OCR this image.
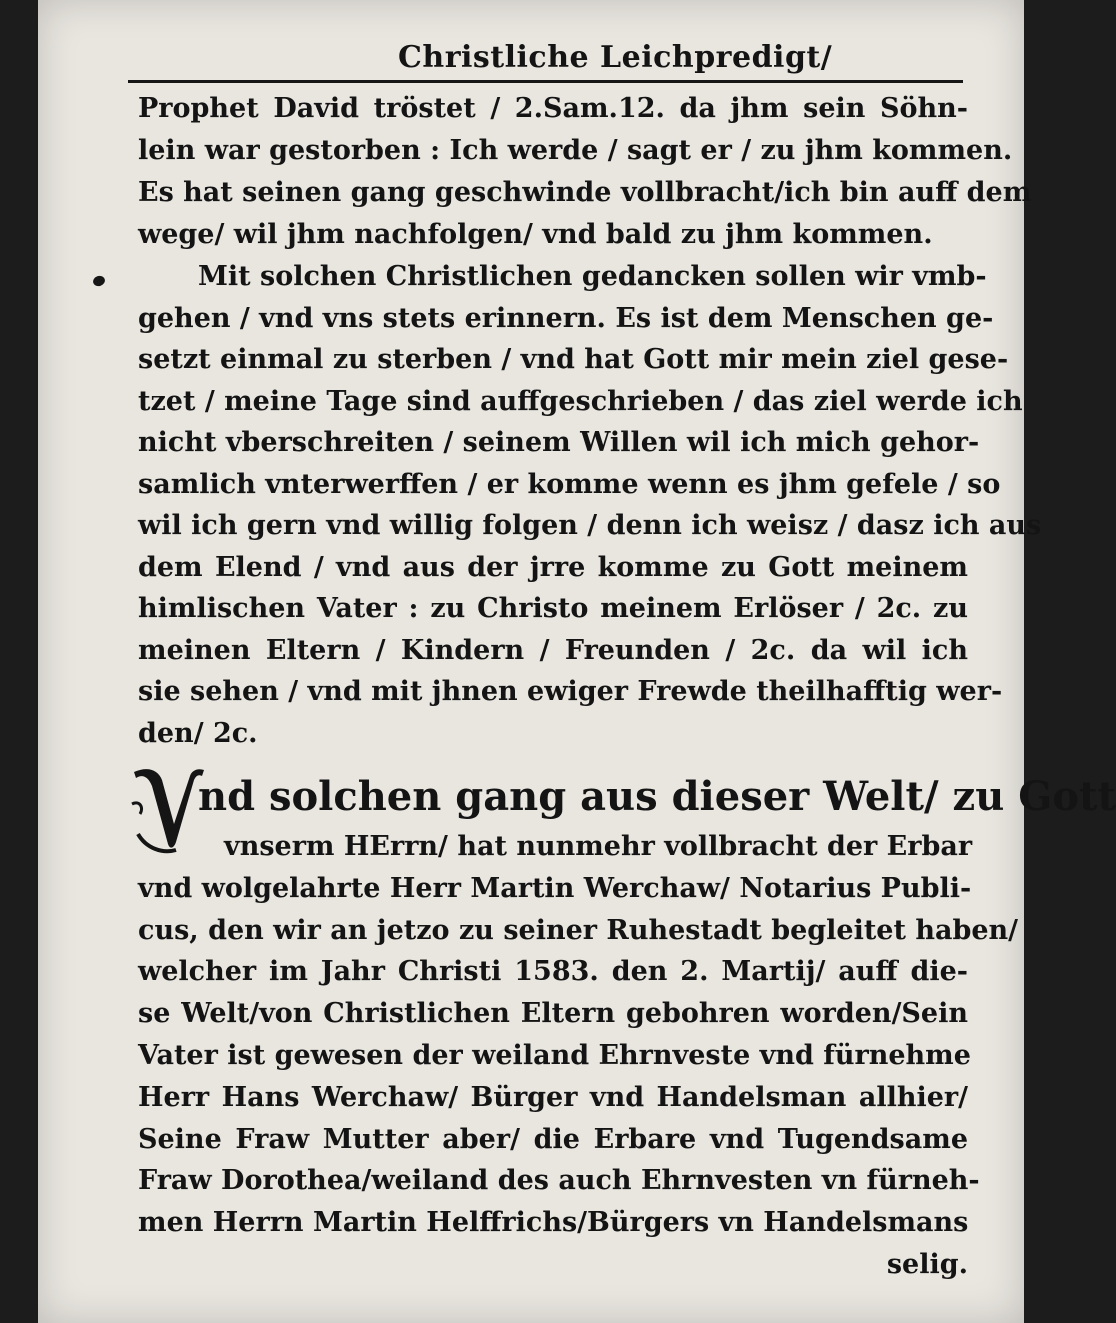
Christliche Leichpredigt/
Prophet David tröstet / 2.Sam.12. da jhm sein Söhn-
lein war gestorben : Ich werde / sagt er / zu jhm kommen.
Es hat seinen gang geschwinde vollbracht/ich bin auff dem
wege/ wil jhm nachfolgen/ vnd bald zu jhm kommen.
Mit solchen Christlichen gedancken sollen wir vmb-
gehen / vnd vns stets erinnern. Es ist dem Menschen ge-
setzt einmal zu sterben / vnd hat Gott mir mein ziel gese-
tzet / meine Tage sind auffgeschrieben / das ziel werde ich
nicht vberschreiten / seinem Willen wil ich mich gehor-
samlich vnterwerffen / er komme wenn es jhm gefele / so
wil ich gern vnd willig folgen / denn ich weisz / dasz ich aus
dem Elend / vnd aus der jrre komme zu Gott meinem
himlischen Vater : zu Christo meinem Erlöser / 2c. zu
meinen Eltern / Kindern / Freunden / 2c. da wil ich
sie sehen / vnd mit jhnen ewiger Frewde theilhafftig wer-
den/ 2c.
nd solchen gang aus dieser Welt/ zu Gott
vnserm HErrn/ hat nunmehr vollbracht der Erbar
vnd wolgelahrte Herr Martin Werchaw/ Notarius Publi-
cus, den wir an jetzo zu seiner Ruhestadt begleitet haben/
welcher im Jahr Christi 1583. den 2. Martij/ auff die-
se Welt/von Christlichen Eltern gebohren worden/Sein
Vater ist gewesen der weiland Ehrnveste vnd fürnehme
Herr Hans Werchaw/ Bürger vnd Handelsman allhier/
Seine Fraw Mutter aber/ die Erbare vnd Tugendsame
Fraw Dorothea/weiland des auch Ehrnvesten vn fürneh-
men Herrn Martin Helffrichs/Bürgers vn Handelsmans
selig.
